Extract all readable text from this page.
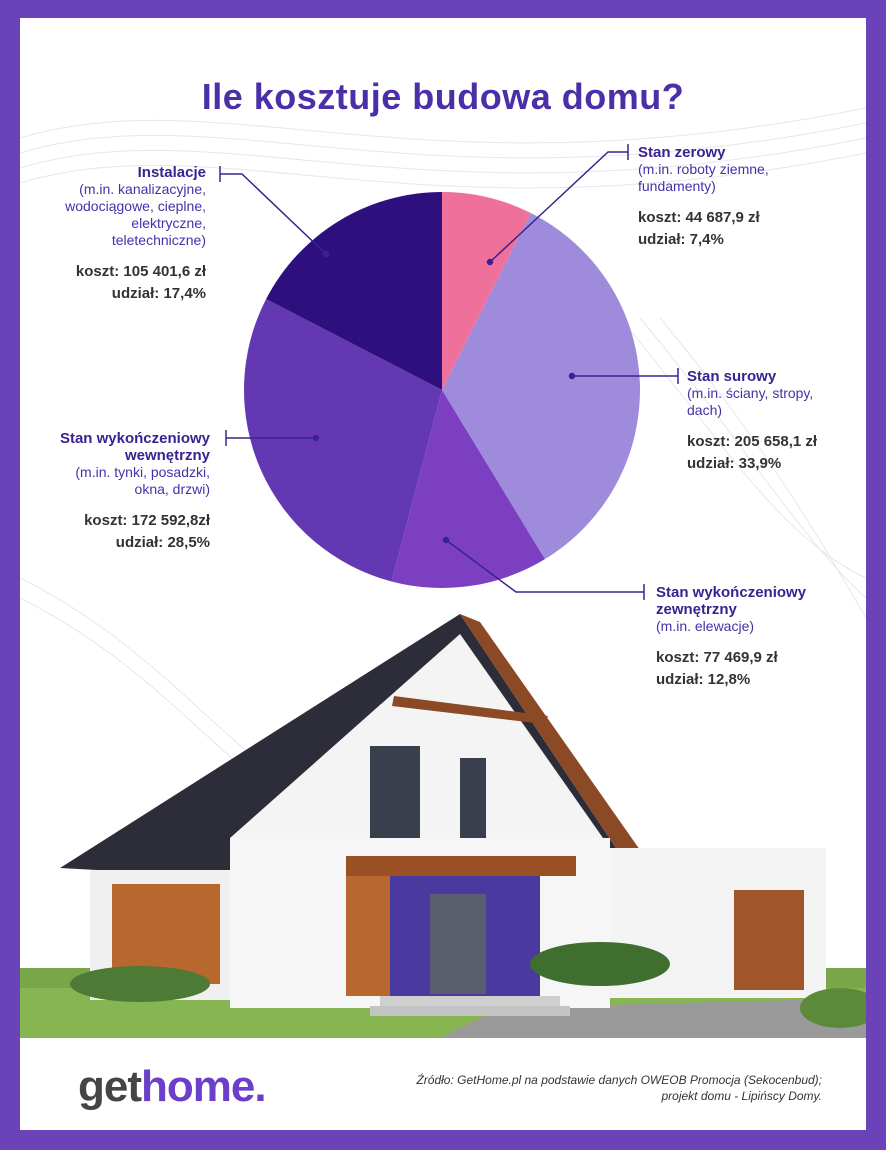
Ile kosztuje budowa domu?
Stan zerowy
(m.in. roboty ziemne,
fundamenty)
koszt: 44 687,9 zł
udział: 7,4%
Stan surowy
(m.in. ściany, stropy,
dach)
koszt: 205 658,1 zł
udział: 33,9%
Stan wykończeniowy
zewnętrzny
(m.in. elewacje)
koszt: 77 469,9 zł
udział: 12,8%
Stan wykończeniowy
wewnętrzny
(m.in. tynki, posadzki,
okna, drzwi)
koszt: 172 592,8zł
udział: 28,5%
Instalacje
(m.in. kanalizacyjne,
wodociągowe, cieplne,
elektryczne,
teletechniczne)
koszt: 105 401,6 zł
udział: 17,4%
gethome.	Źródło: GetHome.pl na podstawie danych OWEOB Promocja (Sekocenbud);
projekt domu - Lipińscy Domy.
